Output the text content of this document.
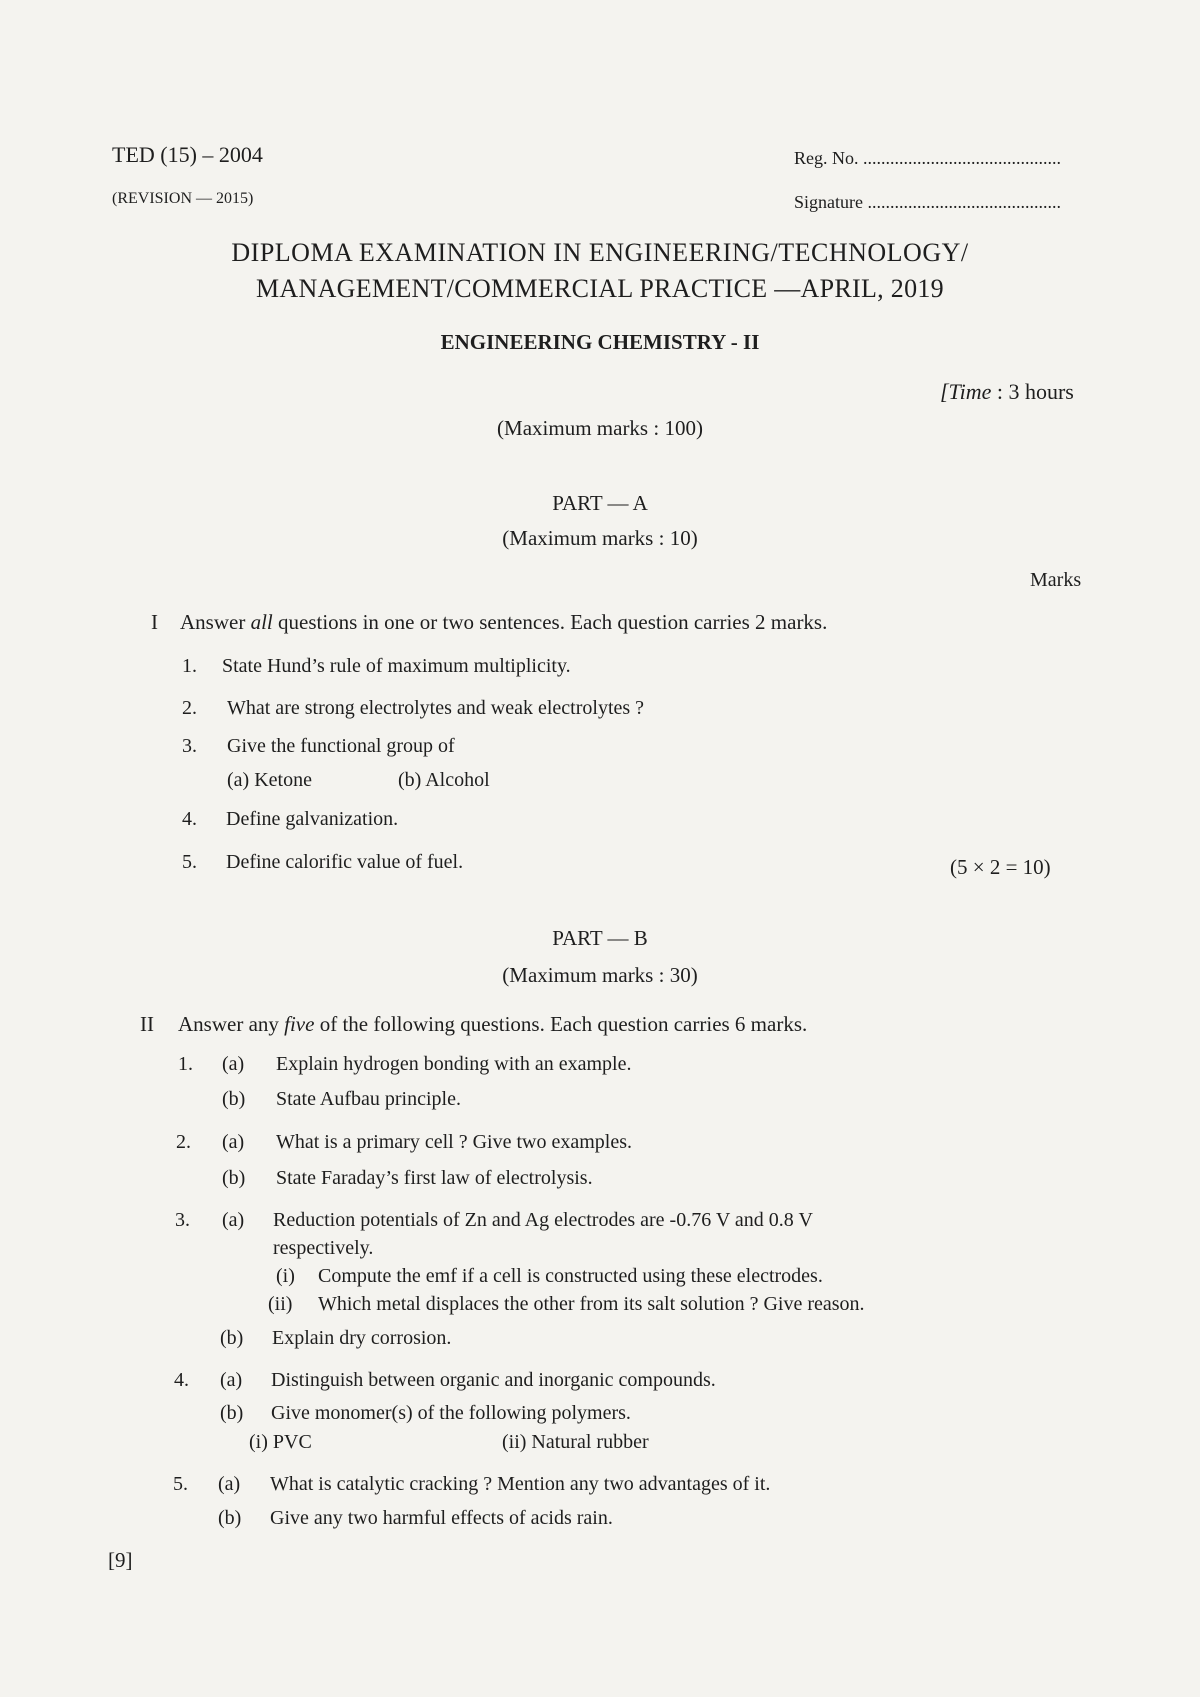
TED (15) – 2004
(REVISION — 2015)
Reg. No. ............................................
Signature ...........................................
DIPLOMA EXAMINATION IN ENGINEERING/TECHNOLOGY/
MANAGEMENT/COMMERCIAL PRACTICE —APRIL, 2019
ENGINEERING CHEMISTRY - II
[Time : 3 hours
(Maximum marks : 100)
PART — A
(Maximum marks : 10)
Marks
I Answer all questions in one or two sentences. Each question carries 2 marks.
1. State Hund’s rule of maximum multiplicity.
2. What are strong electrolytes and weak electrolytes ?
3. Give the functional group of
(a) Ketone	(b) Alcohol
4. Define galvanization.
5. Define calorific value of fuel.	(5 × 2 = 10)
PART — B
(Maximum marks : 30)
II Answer any five of the following questions. Each question carries 6 marks.
1. (a) Explain hydrogen bonding with an example.
(b) State Aufbau principle.
2. (a) What is a primary cell ? Give two examples.
(b) State Faraday’s first law of electrolysis.
3. (a) Reduction potentials of Zn and Ag electrodes are -0.76 V and 0.8 V
respectively.
(i) Compute the emf if a cell is constructed using these electrodes.
(ii) Which metal displaces the other from its salt solution ? Give reason.
(b) Explain dry corrosion.
4. (a) Distinguish between organic and inorganic compounds.
(b) Give monomer(s) of the following polymers.
(i) PVC	(ii) Natural rubber
5. (a) What is catalytic cracking ? Mention any two advantages of it.
(b) Give any two harmful effects of acids rain.
[9]
